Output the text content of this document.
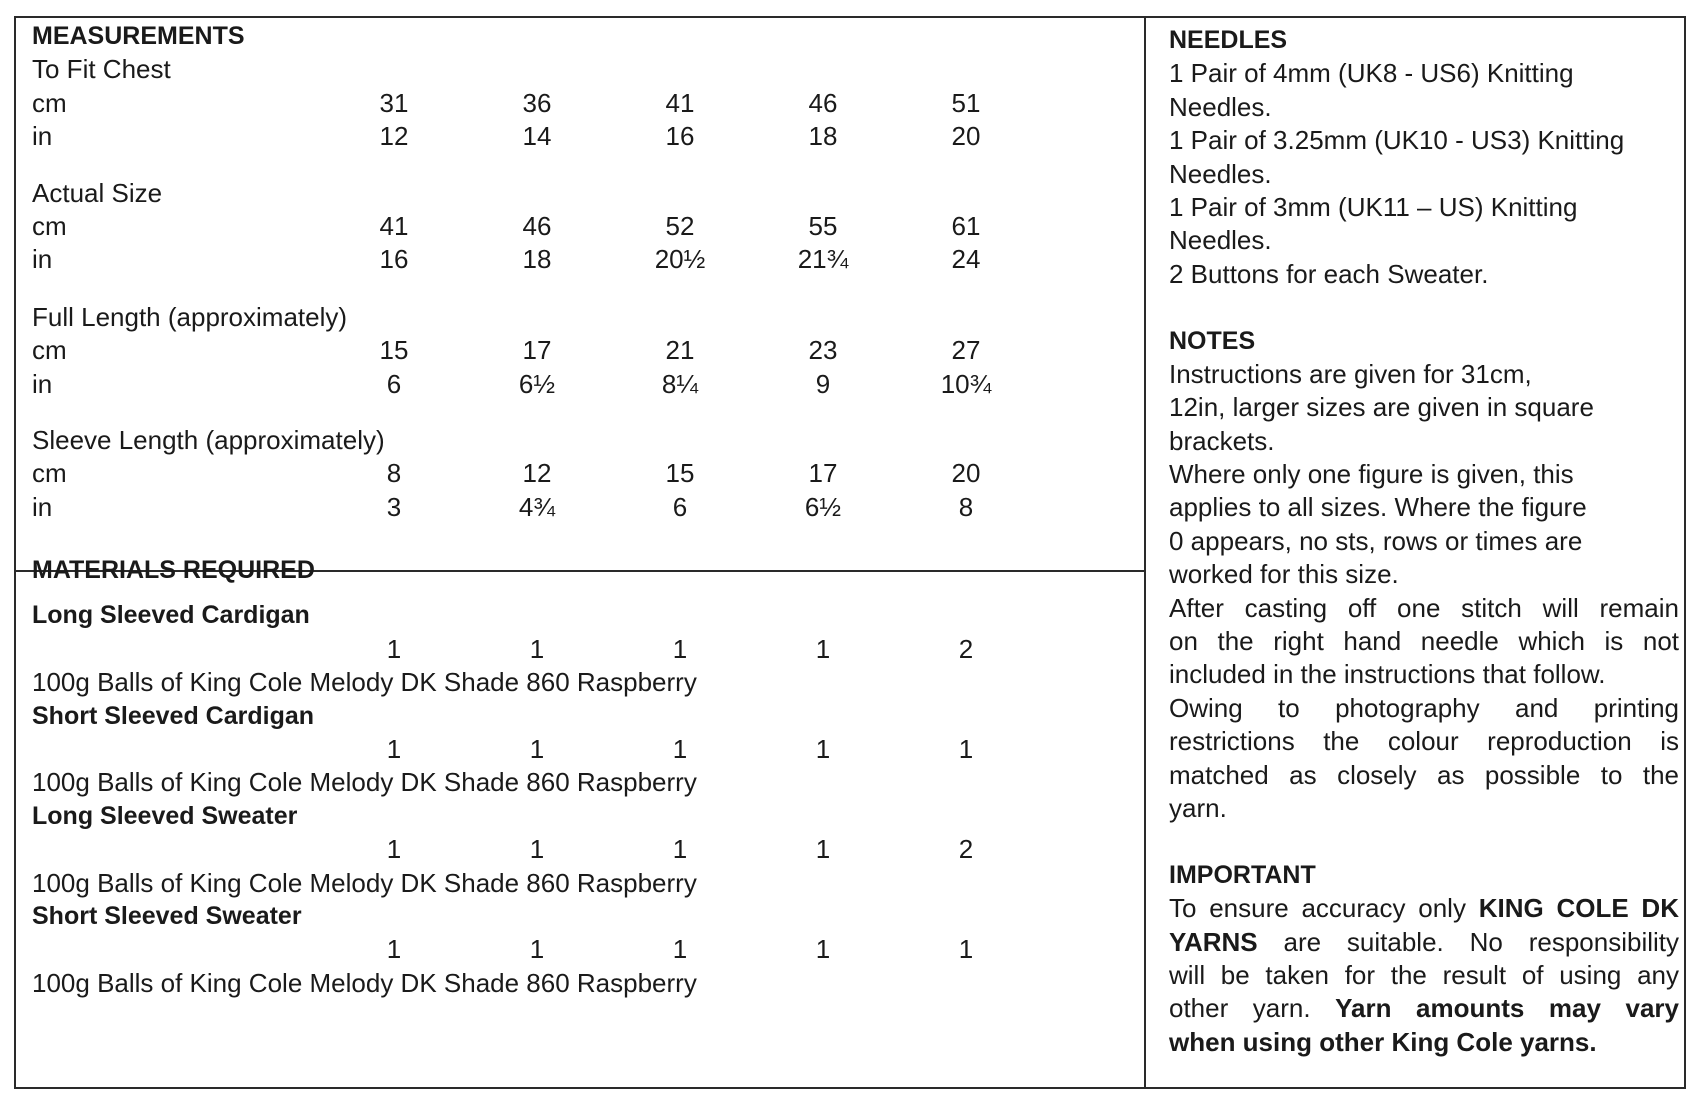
MEASUREMENTS
To Fit Chest
cm	31	36	41	46	51
in	12	14	16	18	20
Actual Size
cm	41	46	52	55	61
in	16	18	20½	21¾	24
Full Length (approximately)
cm	15	17	21	23	27
in	6	6½	8¼	9	10¾
Sleeve Length (approximately)
cm	8	12	15	17	20
in	3	4¾	6	6½	8
MATERIALS REQUIRED
Long Sleeved Cardigan
1	1	1	1	2
100g Balls of King Cole Melody DK Shade 860 Raspberry
Short Sleeved Cardigan
1	1	1	1	1
100g Balls of King Cole Melody DK Shade 860 Raspberry
Long Sleeved Sweater
1	1	1	1	2
100g Balls of King Cole Melody DK Shade 860 Raspberry
Short Sleeved Sweater
1	1	1	1	1
100g Balls of King Cole Melody DK Shade 860 Raspberry
NEEDLES
1 Pair of 4mm (UK8 - US6) Knitting
Needles.
1 Pair of 3.25mm (UK10 - US3) Knitting
Needles.
1 Pair of 3mm (UK11 – US) Knitting
Needles.
2 Buttons for each Sweater.
NOTES
Instructions are given for 31cm,
12in, larger sizes are given in square
brackets.
Where only one figure is given, this
applies to all sizes. Where the figure
0 appears, no sts, rows or times are
worked for this size.
After casting off one stitch will remain
on the right hand needle which is not
included in the instructions that follow.
Owing to photography and printing
restrictions the colour reproduction is
matched as closely as possible to the
yarn.
IMPORTANT
To ensure accuracy only KING COLE DK
YARNS are suitable. No responsibility
will be taken for the result of using any
other yarn. Yarn amounts may vary
when using other King Cole yarns.
